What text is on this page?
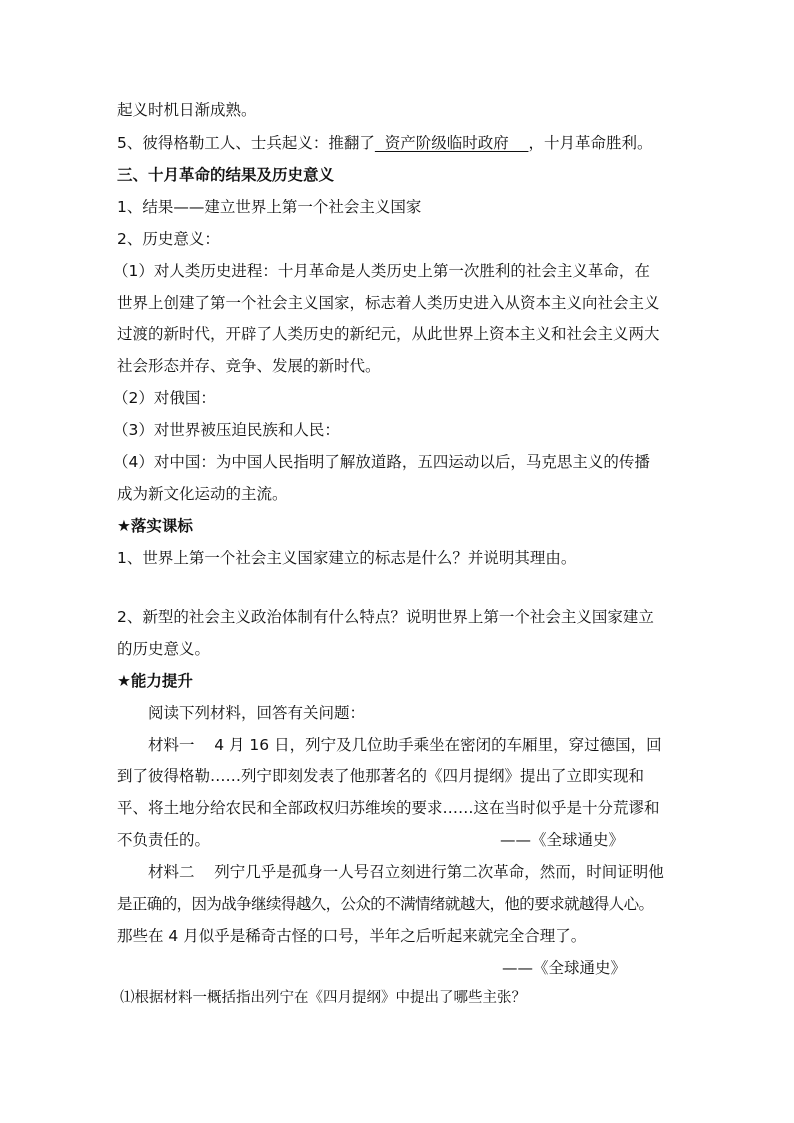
起义时机日渐成熟。
5、彼得格勒工人、士兵起义：推翻了  资产阶级临时政府    ，十月革命胜利。
三、十月革命的结果及历史意义
1、结果——建立世界上第一个社会主义国家
2、历史意义：
（1）对人类历史进程：十月革命是人类历史上第一次胜利的社会主义革命，在
世界上创建了第一个社会主义国家，标志着人类历史进入从资本主义向社会主义
过渡的新时代，开辟了人类历史的新纪元，从此世界上资本主义和社会主义两大
社会形态并存、竞争、发展的新时代。
（2）对俄国：
（3）对世界被压迫民族和人民：
（4）对中国：为中国人民指明了解放道路，五四运动以后，马克思主义的传播
成为新文化运动的主流。
★落实课标
1、世界上第一个社会主义国家建立的标志是什么？并说明其理由。
2、新型的社会主义政治体制有什么特点？说明世界上第一个社会主义国家建立
的历史意义。
★能力提升
阅读下列材料，回答有关问题：
材料一    4 月 16 日，列宁及几位助手乘坐在密闭的车厢里，穿过德国，回
到了彼得格勒……列宁即刻发表了他那著名的《四月提纲》提出了立即实现和
平、将土地分给农民和全部政权归苏维埃的要求……这在当时似乎是十分荒谬和
不负责任的。	——《全球通史》
材料二    列宁几乎是孤身一人号召立刻进行第二次革命，然而，时间证明他
是正确的，因为战争继续得越久，公众的不满情绪就越大，他的要求就越得人心。
那些在 4 月似乎是稀奇古怪的口号，半年之后听起来就完全合理了。
——《全球通史》
⑴根据材料一概括指出列宁在《四月提纲》中提出了哪些主张？
